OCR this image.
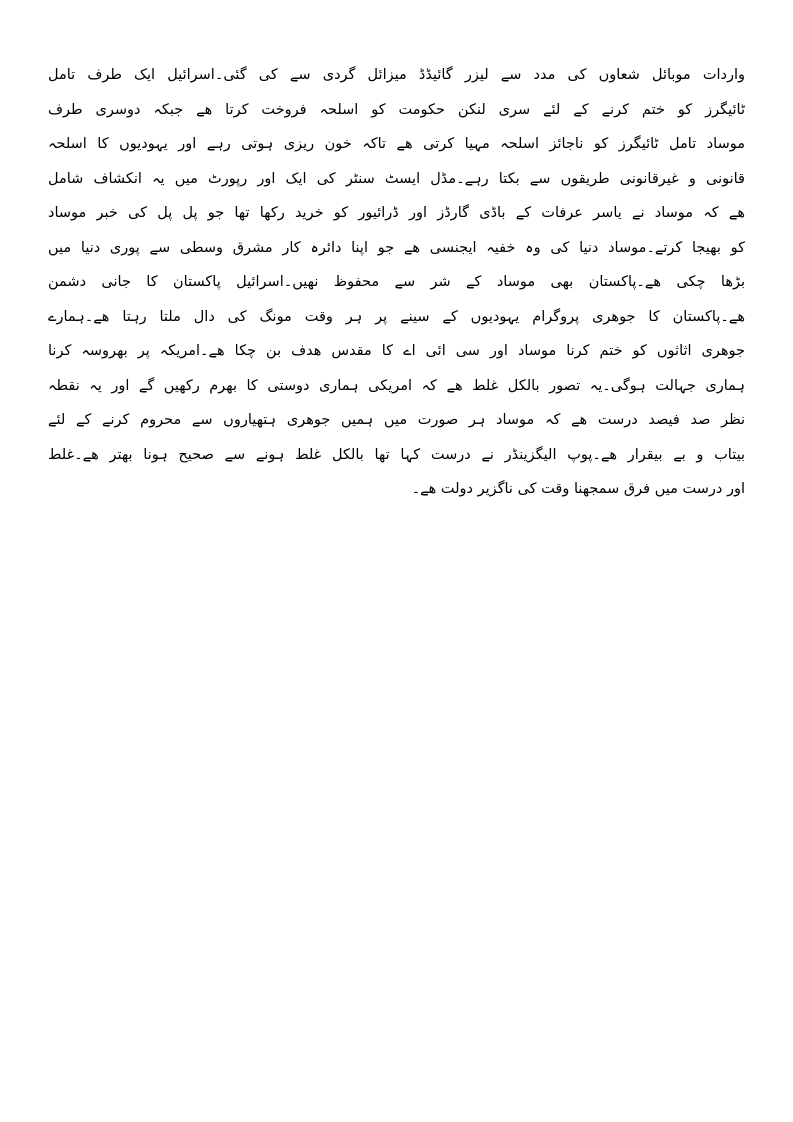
واردات موبائل شعاوں کی مدد سے لیزر گائیڈڈ میزائل گردی سے کی گئی۔اسرائیل ایک طرف تامل
ٹائیگرز کو ختم کرنے کے لئے سری لنکن حکومت کو اسلحہ فروخت کرتا ھے جبکہ دوسری طرف
موساد تامل ٹائیگرز کو ناجائز اسلحہ مہیا کرتی ھے تاکہ خون ریزی ہوتی رہے اور یہودیوں کا اسلحہ
قانونی و غیرقانونی طریقوں سے بکتا رہے۔مڈل ایسٹ سنٹر کی ایک اور رپورٹ میں یہ انکشاف شامل
ھے کہ موساد نے یاسر عرفات کے باڈی گارڈز اور ڈرائیور کو خرید رکھا تھا جو پل پل کی خبر موساد
کو بھیجا کرتے۔موساد دنیا کی وہ خفیہ ایجنسی ھے جو اپنا دائرہ کار مشرق وسطی سے پوری دنیا میں
بڑھا چکی ھے۔پاکستان بھی موساد کے شر سے محفوظ نھیں۔اسرائیل پاکستان کا جانی دشمن
ھے۔پاکستان کا جوھری پروگرام یہودیوں کے سینے پر ہر وقت مونگ کی دال ملتا رہتا ھے۔ہمارے
جوھری اثاثوں کو ختم کرنا موساد اور سی ائی اے کا مقدس ھدف بن چکا ھے۔امریکہ پر بھروسہ کرنا
ہماری جہالت ہوگی۔یہ تصور بالکل غلط ھے کہ امریکی ہماری دوستی کا بھرم رکھیں گے اور یہ نقطہ
نظر صد فیصد درست ھے کہ موساد ہر صورت میں ہمیں جوھری ہتھیاروں سے محروم کرنے کے لئے
بیتاب و بے بیقرار ھے۔پوپ الیگزینڈر نے درست کہا تھا بالکل غلط ہونے سے صحیح ہونا بھتر ھے۔غلط
اور درست میں فرق سمجھنا وقت کی ناگزیر دولت ھے۔
